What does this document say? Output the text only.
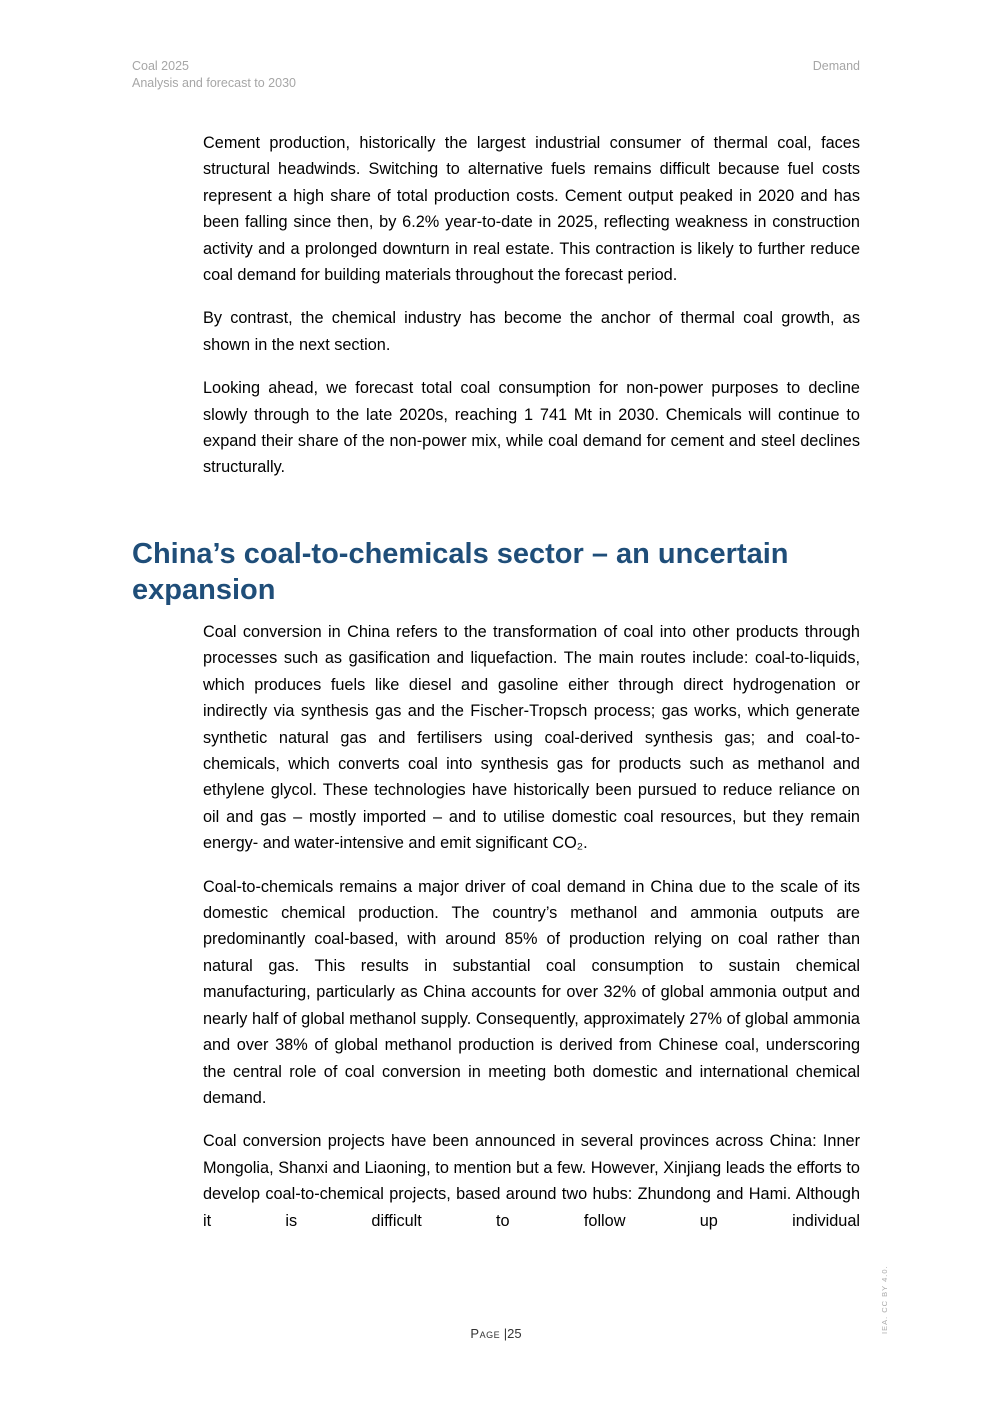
Coal 2025
Analysis and forecast to 2030
Demand

Cement production, historically the largest industrial consumer of thermal coal, faces structural headwinds. Switching to alternative fuels remains difficult because fuel costs represent a high share of total production costs. Cement output peaked in 2020 and has been falling since then, by 6.2% year-to-date in 2025, reflecting weakness in construction activity and a prolonged downturn in real estate. This contraction is likely to further reduce coal demand for building materials throughout the forecast period.

By contrast, the chemical industry has become the anchor of thermal coal growth, as shown in the next section.

Looking ahead, we forecast total coal consumption for non-power purposes to decline slowly through to the late 2020s, reaching 1 741 Mt in 2030. Chemicals will continue to expand their share of the non-power mix, while coal demand for cement and steel declines structurally.

China’s coal-to-chemicals sector – an uncertain expansion

Coal conversion in China refers to the transformation of coal into other products through processes such as gasification and liquefaction. The main routes include: coal-to-liquids, which produces fuels like diesel and gasoline either through direct hydrogenation or indirectly via synthesis gas and the Fischer-Tropsch process; gas works, which generate synthetic natural gas and fertilisers using coal-derived synthesis gas; and coal-to-chemicals, which converts coal into synthesis gas for products such as methanol and ethylene glycol. These technologies have historically been pursued to reduce reliance on oil and gas – mostly imported – and to utilise domestic coal resources, but they remain energy- and water-intensive and emit significant CO₂.

Coal-to-chemicals remains a major driver of coal demand in China due to the scale of its domestic chemical production. The country’s methanol and ammonia outputs are predominantly coal-based, with around 85% of production relying on coal rather than natural gas. This results in substantial coal consumption to sustain chemical manufacturing, particularly as China accounts for over 32% of global ammonia output and nearly half of global methanol supply. Consequently, approximately 27% of global ammonia and over 38% of global methanol production is derived from Chinese coal, underscoring the central role of coal conversion in meeting both domestic and international chemical demand.

Coal conversion projects have been announced in several provinces across China: Inner Mongolia, Shanxi and Liaoning, to mention but a few. However, Xinjiang leads the efforts to develop coal-to-chemical projects, based around two hubs: Zhundong and Hami. Although it is difficult to follow up individual

Page |25	IEA. CC BY 4.0.
